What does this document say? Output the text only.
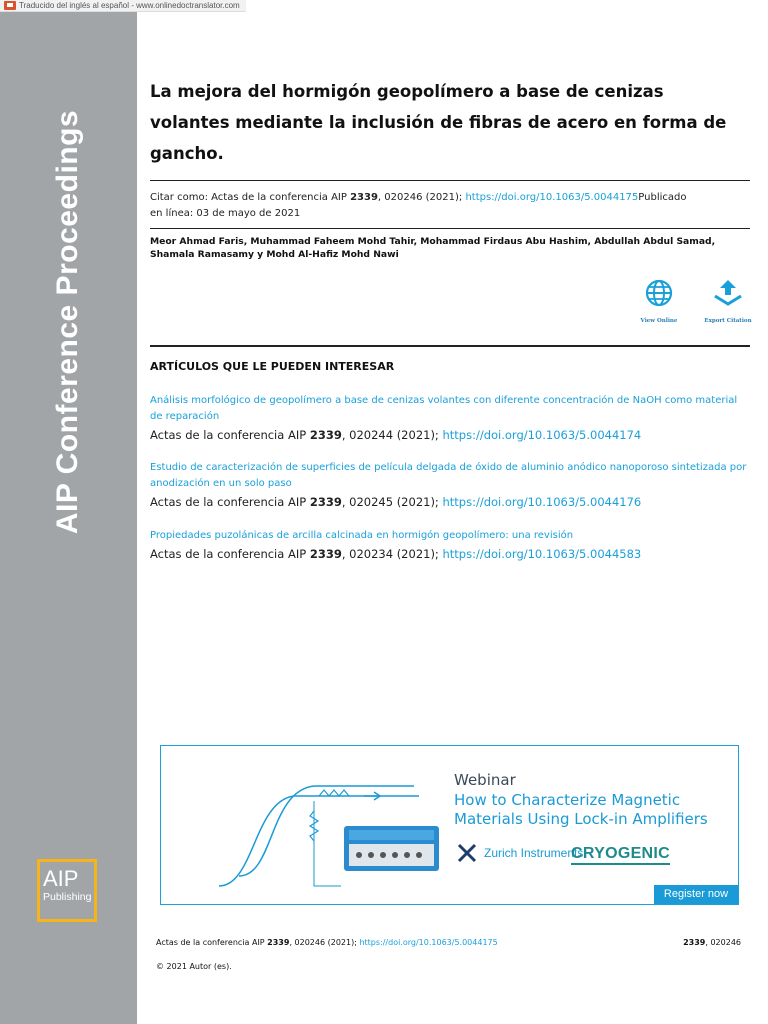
Traducido del inglés al español - www.onlinedoctranslator.com
AIP Conference Proceedings
AIP
Publishing
La mejora del hormigón geopolímero a base de cenizas volantes mediante la inclusión de fibras de acero en forma de gancho.
Citar como: Actas de la conferencia AIP 2339, 020246 (2021); https://doi.org/10.1063/5.0044175Publicado
en línea: 03 de mayo de 2021
Meor Ahmad Faris, Muhammad Faheem Mohd Tahir, Mohammad Firdaus Abu Hashim, Abdullah Abdul Samad, Shamala Ramasamy y Mohd Al-Hafiz Mohd Nawi
View Online	Export Citation
ARTÍCULOS QUE LE PUEDEN INTERESAR
Análisis morfológico de geopolímero a base de cenizas volantes con diferente concentración de NaOH como material de reparación
Actas de la conferencia AIP 2339, 020244 (2021); https://doi.org/10.1063/5.0044174
Estudio de caracterización de superficies de película delgada de óxido de aluminio anódico nanoporoso sintetizada por anodización en un solo paso
Actas de la conferencia AIP 2339, 020245 (2021); https://doi.org/10.1063/5.0044176
Propiedades puzolánicas de arcilla calcinada en hormigón geopolímero: una revisión
Actas de la conferencia AIP 2339, 020234 (2021); https://doi.org/10.1063/5.0044583
Webinar
How to Characterize Magnetic Materials Using Lock-in Amplifiers
Zurich Instruments
CRYOGENIC
Register now
Actas de la conferencia AIP 2339, 020246 (2021); https://doi.org/10.1063/5.0044175	2339, 020246
© 2021 Autor (es).
